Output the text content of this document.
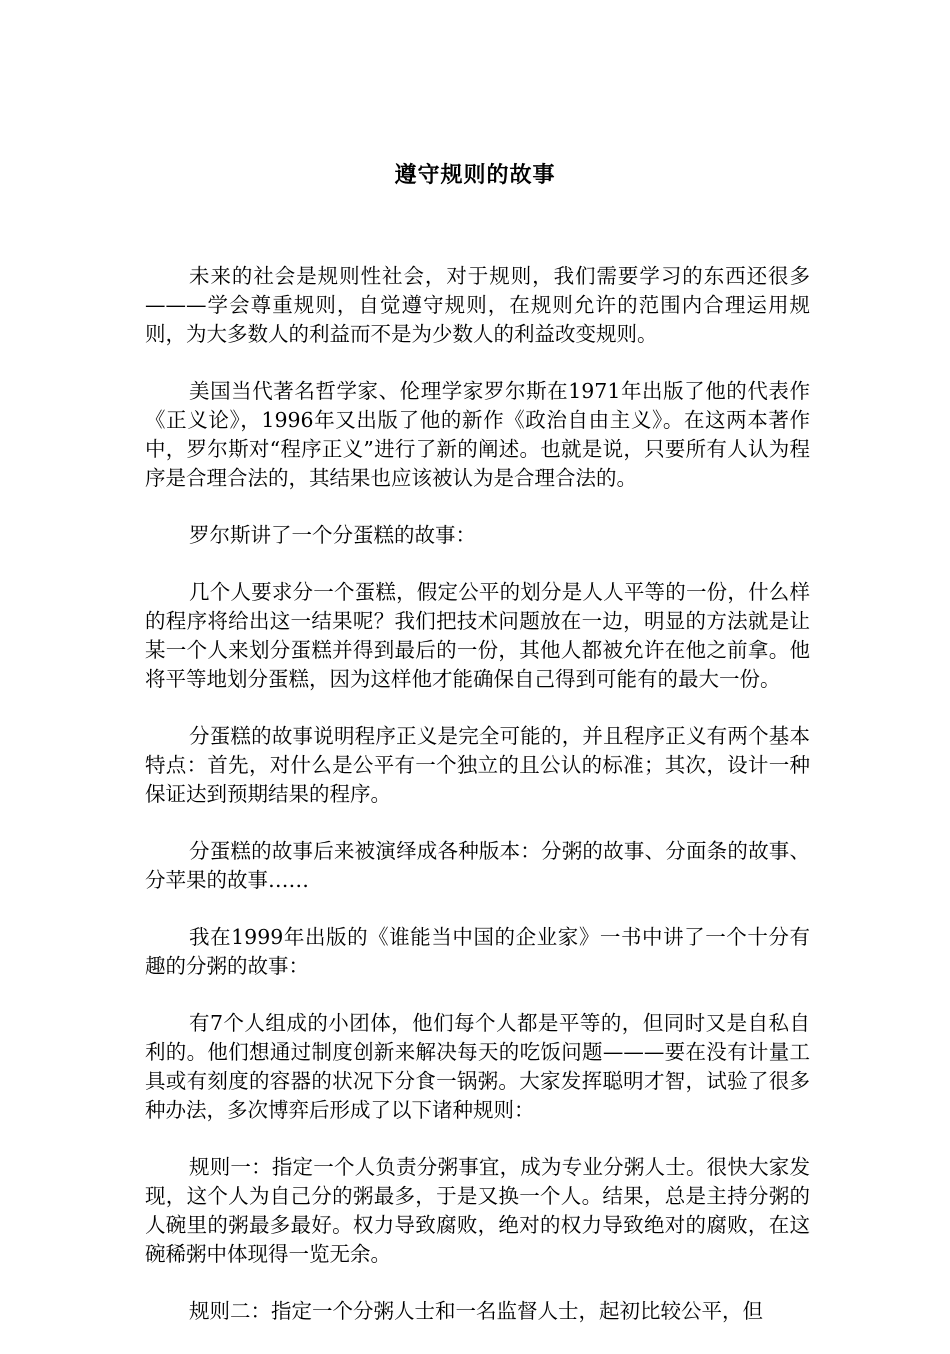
遵守规则的故事

未来的社会是规则性社会，对于规则，我们需要学习的东西还很多———学会尊重规则，自觉遵守规则，在规则允许的范围内合理运用规则，为大多数人的利益而不是为少数人的利益改变规则。

美国当代著名哲学家、伦理学家罗尔斯在1971年出版了他的代表作《正义论》，1996年又出版了他的新作《政治自由主义》。在这两本著作中，罗尔斯对“程序正义”进行了新的阐述。也就是说，只要所有人认为程序是合理合法的，其结果也应该被认为是合理合法的。

罗尔斯讲了一个分蛋糕的故事：

几个人要求分一个蛋糕，假定公平的划分是人人平等的一份，什么样的程序将给出这一结果呢？我们把技术问题放在一边，明显的方法就是让某一个人来划分蛋糕并得到最后的一份，其他人都被允许在他之前拿。他将平等地划分蛋糕，因为这样他才能确保自己得到可能有的最大一份。

分蛋糕的故事说明程序正义是完全可能的，并且程序正义有两个基本特点：首先，对什么是公平有一个独立的且公认的标准；其次，设计一种保证达到预期结果的程序。

分蛋糕的故事后来被演绎成各种版本：分粥的故事、分面条的故事、分苹果的故事……

我在1999年出版的《谁能当中国的企业家》一书中讲了一个十分有趣的分粥的故事：

有7个人组成的小团体，他们每个人都是平等的，但同时又是自私自利的。他们想通过制度创新来解决每天的吃饭问题———要在没有计量工具或有刻度的容器的状况下分食一锅粥。大家发挥聪明才智，试验了很多种办法，多次博弈后形成了以下诸种规则：

规则一：指定一个人负责分粥事宜，成为专业分粥人士。很快大家发现，这个人为自己分的粥最多，于是又换一个人。结果，总是主持分粥的人碗里的粥最多最好。权力导致腐败，绝对的权力导致绝对的腐败，在这碗稀粥中体现得一览无余。

规则二：指定一个分粥人士和一名监督人士，起初比较公平，但
